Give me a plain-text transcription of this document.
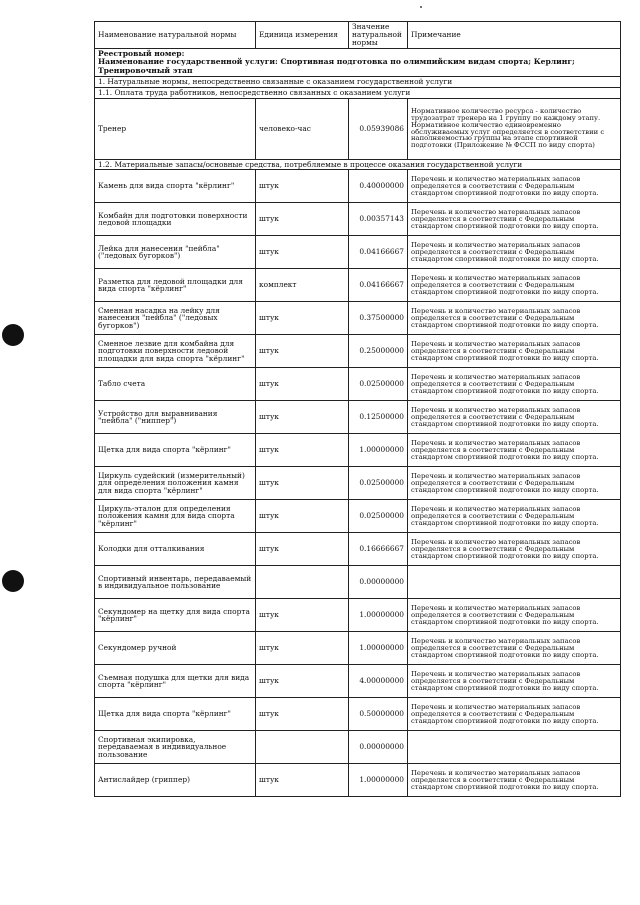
Наименование натуральной нормы	Единица измерения	Значение натуральной нормы	Примечание

Реестровый номер:
Наименование государственной услуги: Спортивная подготовка по олимпийским видам спорта; Керлинг; Тренировочный этап			

1. Натуральные нормы, непосредственно связанные с оказанием государственной услуги			
1.1. Оплата труда работников, непосредственно связанных с оказанием услуги			
Тренер	человеко-час	0.05939086	Нормативное количество ресурса - количество трудозатрат тренера на 1 группу по каждому этапу. Нормативное количество единовременно обслуживаемых услуг определяется в соответствии с наполняемостью группы на этапе спортивной подготовки (Приложение № ФССП по виду спорта)
1.2. Материальные запасы/основные средства, потребляемые в процессе оказания государственной услуги			
Камень для вида спорта "кёрлинг"	штук	0.40000000	Перечень и количество материальных запасов определяется в соответствии с Федеральным стандартом спортивной подготовки по виду спорта.
Комбайн для подготовки поверхности ледовой площадки	штук	0.00357143	Перечень и количество материальных запасов определяется в соответствии с Федеральным стандартом спортивной подготовки по виду спорта.
Лейка для нанесения "пейбла" ("ледовых бугорков")	штук	0.04166667	Перечень и количество материальных запасов определяется в соответствии с Федеральным стандартом спортивной подготовки по виду спорта.
Разметка для ледовой площадки для вида спорта "кёрлинг"	комплект	0.04166667	Перечень и количество материальных запасов определяется в соответствии с Федеральным стандартом спортивной подготовки по виду спорта.
Сменная насадка на лейку для нанесения "пейбла" ("ледовых бугорков")	штук	0.37500000	Перечень и количество материальных запасов определяется в соответствии с Федеральным стандартом спортивной подготовки по виду спорта.
Сменное лезвие для комбайна для подготовки поверхности ледовой площадки для вида спорта "кёрлинг"	штук	0.25000000	Перечень и количество материальных запасов определяется в соответствии с Федеральным стандартом спортивной подготовки по виду спорта.
Табло счета	штук	0.02500000	Перечень и количество материальных запасов определяется в соответствии с Федеральным стандартом спортивной подготовки по виду спорта.
Устройство для выравнивания "пейбла" ("ниппер")	штук	0.12500000	Перечень и количество материальных запасов определяется в соответствии с Федеральным стандартом спортивной подготовки по виду спорта.
Щетка для вида спорта "кёрлинг"	штук	1.00000000	Перечень и количество материальных запасов определяется в соответствии с Федеральным стандартом спортивной подготовки по виду спорта.
Циркуль судейский (измерительный) для определения положения камня для вида спорта "кёрлинг"	штук	0.02500000	Перечень и количество материальных запасов определяется в соответствии с Федеральным стандартом спортивной подготовки по виду спорта.
Циркуль-эталон для определения положения камня для вида спорта "кёрлинг"	штук	0.02500000	Перечень и количество материальных запасов определяется в соответствии с Федеральным стандартом спортивной подготовки по виду спорта.
Колодки для отталкивания	штук	0.16666667	Перечень и количество материальных запасов определяется в соответствии с Федеральным стандартом спортивной подготовки по виду спорта.
Спортивный инвентарь, передаваемый в индивидуальное пользование		0.00000000	
Секундомер на щетку для вида спорта "кёрлинг"	штук	1.00000000	Перечень и количество материальных запасов определяется в соответствии с Федеральным стандартом спортивной подготовки по виду спорта.
Секундомер ручной	штук	1.00000000	Перечень и количество материальных запасов определяется в соответствии с Федеральным стандартом спортивной подготовки по виду спорта.
Съемная подушка для щетки для вида спорта "кёрлинг"	штук	4.00000000	Перечень и количество материальных запасов определяется в соответствии с Федеральным стандартом спортивной подготовки по виду спорта.
Щетка для вида спорта "кёрлинг"	штук	0.50000000	Перечень и количество материальных запасов определяется в соответствии с Федеральным стандартом спортивной подготовки по виду спорта.
Спортивная экипировка, передаваемая в индивидуальное пользование		0.00000000	
Антислайдер (гриппер)	штук	1.00000000	Перечень и количество материальных запасов определяется в соответствии с Федеральным стандартом спортивной подготовки по виду спорта.
